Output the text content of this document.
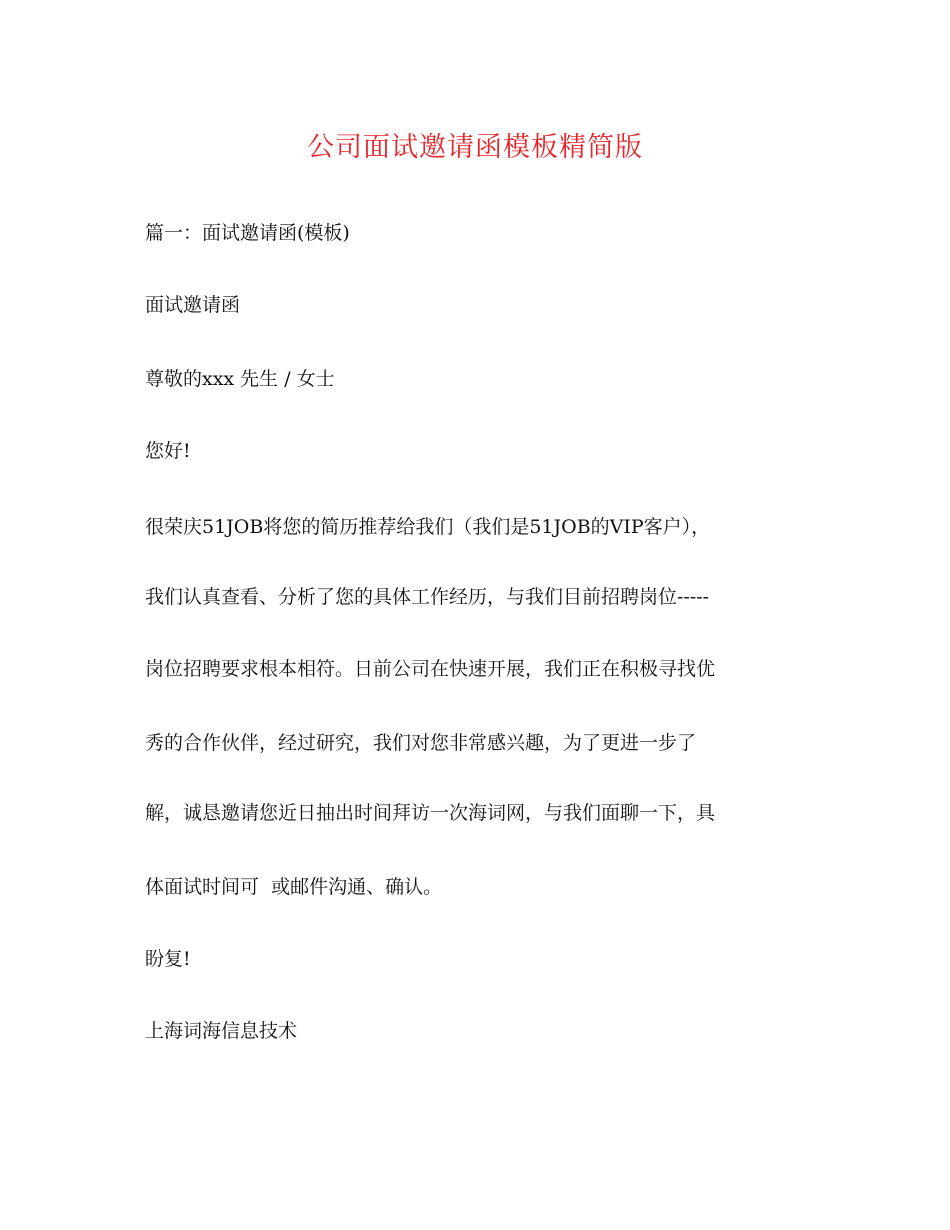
公司面试邀请函模板精简版
篇一：面试邀请函(模板)
面试邀请函
尊敬的xxx 先生 / 女士
您好!
很荣庆51JOB将您的简历推荐给我们（我们是51JOB的VIP客户），
我们认真查看、分析了您的具体工作经历，与我们目前招聘岗位-----
岗位招聘要求根本相符。日前公司在快速开展，我们正在积极寻找优
秀的合作伙伴，经过研究，我们对您非常感兴趣，为了更进一步了
解，诚恳邀请您近日抽出时间拜访一次海词网，与我们面聊一下，具
体面试时间可  或邮件沟通、确认。
盼复!
上海词海信息技术
